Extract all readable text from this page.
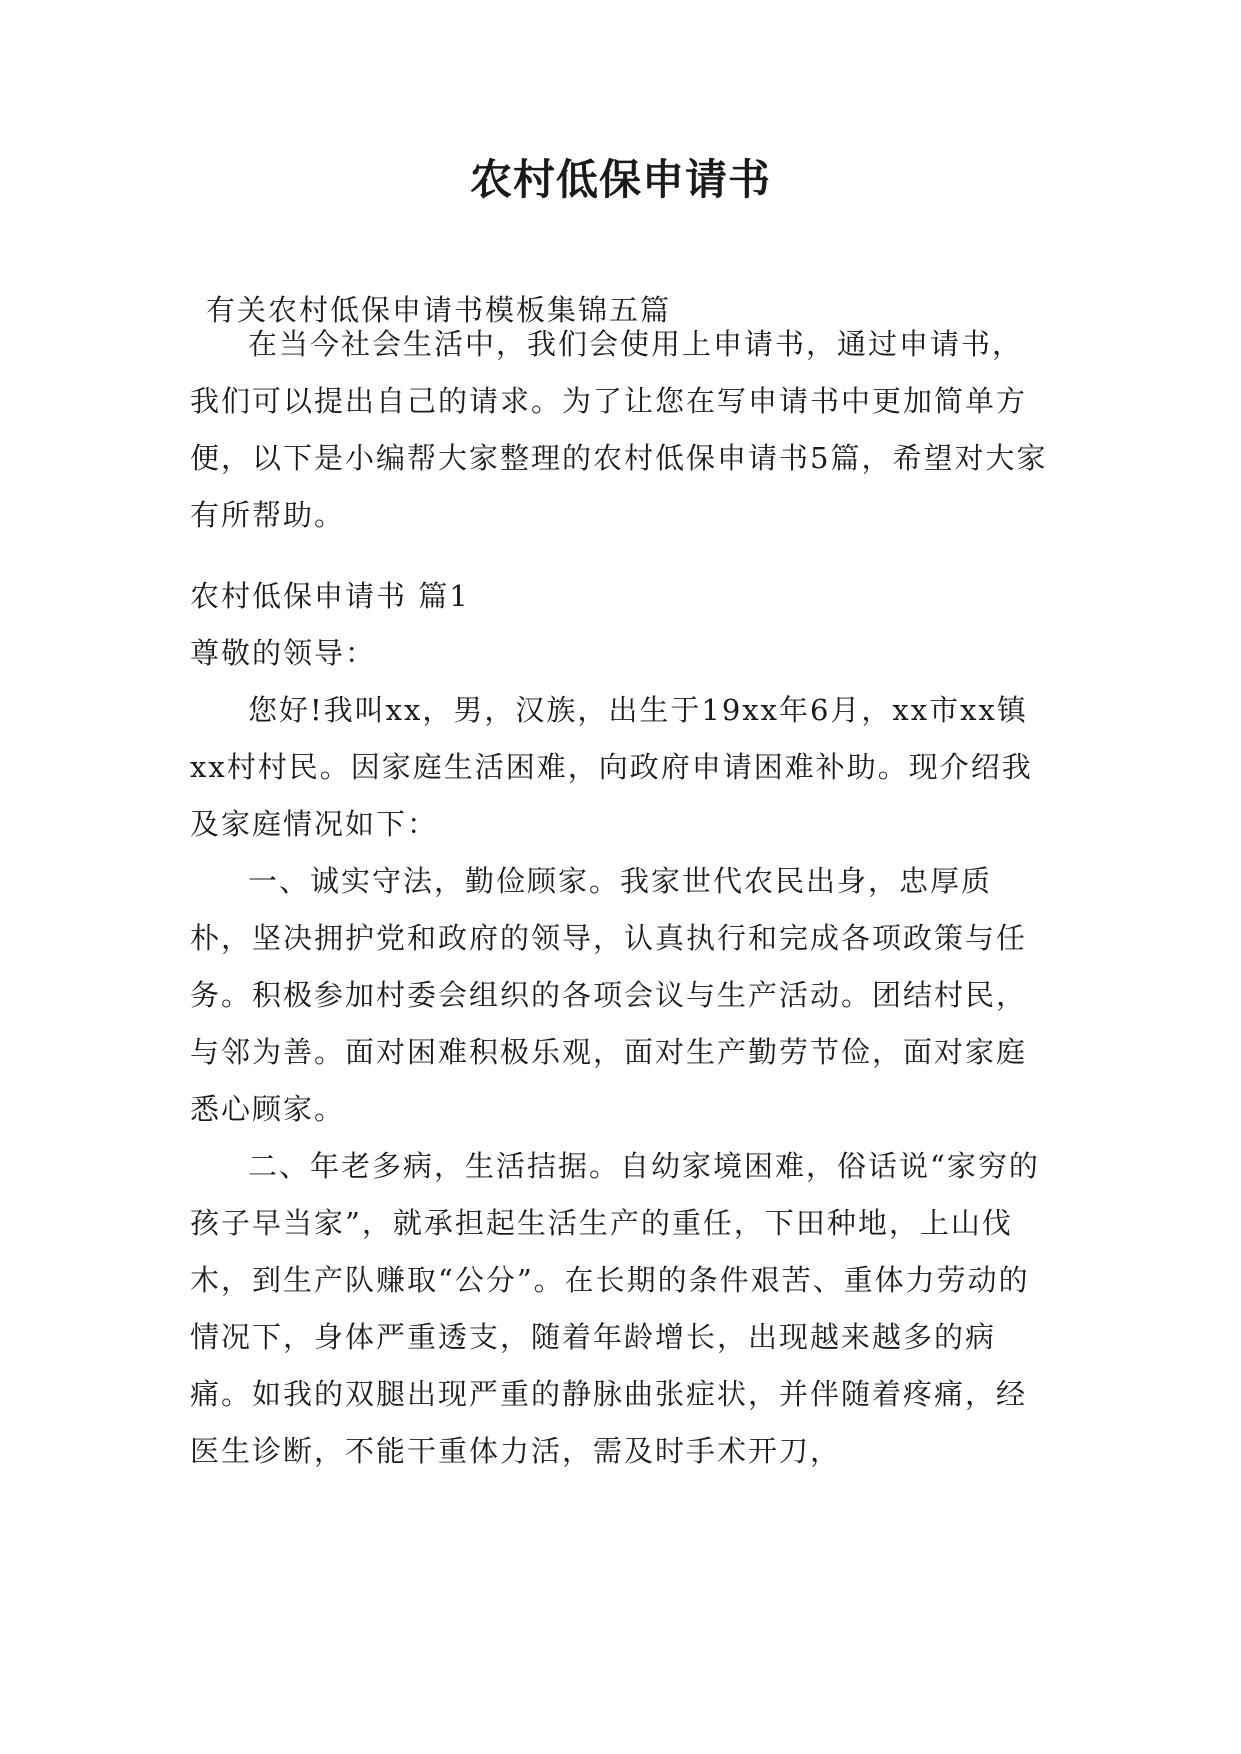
农村低保申请书
有关农村低保申请书模板集锦五篇

在当今社会生活中，我们会使用上申请书，通过申请书，我们可以提出自己的请求。为了让您在写申请书中更加简单方便，以下是小编帮大家整理的农村低保申请书5篇，希望对大家有所帮助。

农村低保申请书 篇1

尊敬的领导：

您好!我叫xx，男，汉族，出生于19xx年6月，xx市xx镇xx村村民。因家庭生活困难，向政府申请困难补助。现介绍我及家庭情况如下：

一、诚实守法，勤俭顾家。我家世代农民出身，忠厚质朴，坚决拥护党和政府的领导，认真执行和完成各项政策与任务。积极参加村委会组织的各项会议与生产活动。团结村民，与邻为善。面对困难积极乐观，面对生产勤劳节俭，面对家庭悉心顾家。

二、年老多病，生活拮据。自幼家境困难，俗话说“家穷的孩子早当家”，就承担起生活生产的重任，下田种地，上山伐木，到生产队赚取“公分”。在长期的条件艰苦、重体力劳动的情况下，身体严重透支，随着年龄增长，出现越来越多的病痛。如我的双腿出现严重的静脉曲张症状，并伴随着疼痛，经医生诊断，不能干重体力活，需及时手术开刀，
